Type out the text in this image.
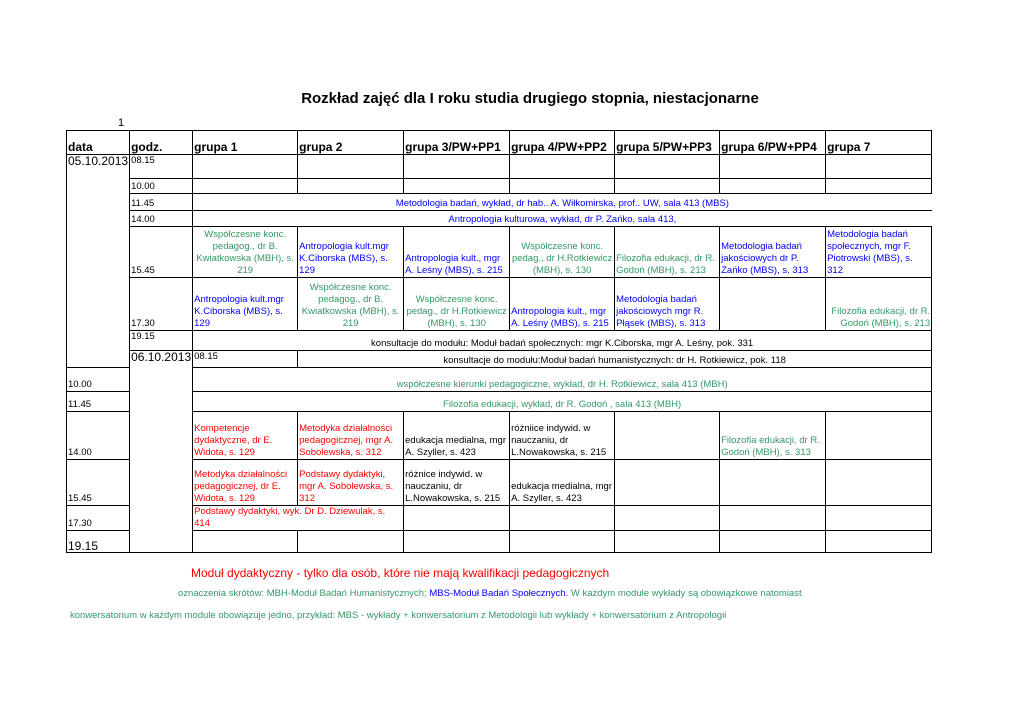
Rozkład zajęć dla I roku studia drugiego stopnia, niestacjonarne
1
data	godz.	grupa 1	grupa 2	grupa 3/PW+PP1	grupa 4/PW+PP2	grupa 5/PW+PP3	grupa 6/PW+PP4	grupa 7
05.10.2013	08.15							
	10.00							
	11.45	Metodologia badań, wykład, dr hab.. A. Wiłkomirska, prof.. UW, sala 413 (MBS)						
	14.00	Antropologia kulturowa, wykład, dr P. Zańko, sala 413,						
	15.45	Współczesne konc. pedagog., dr B. Kwiatkowska (MBH), s. 219	Antropologia kult.mgr K.Ciborska (MBS), s. 129	Antropologia kult., mgr A. Leśny (MBS), s. 215	Współczesne konc. pedag., dr H.Rotkiewicz (MBH), s. 130	Filozofia edukacji, dr R. Godoń (MBH), s. 213	Metodologia badań jakościowych dr P. Zańko (MBS), s. 313	Metodologia badań społecznych, mgr F. Piotrowski (MBS), s. 312
	17.30	Antropologia kult.mgr K.Ciborska (MBS), s. 129	Współczesne konc. pedagog., dr B. Kwiatkowska (MBH), s. 219	Współczesne konc. pedag., dr H.Rotkiewicz (MBH), s. 130	Antropologia kult., mgr A. Leśny (MBS), s. 215	Metodologia badań jakościowych mgr R. Płąsek (MBS), s. 313		Filozofia edukacji, dr R. Godoń (MBH), s. 213
	19.15	konsultacje do modułu: Moduł badań społecznych: mgr K.Ciborska, mgr A. Leśny, pok. 331						
	06.10.2013	08.15	konsultacje do modułu:Moduł badań humanistycznych: dr H. Rotkiewicz, pok. 118					
10.00		współczesne kierunki pedagogiczne, wykład, dr H. Rotkiewicz, sala 413 (MBH)						
11.45		Filozofia edukacji, wykład, dr R. Godoń , sala 413 (MBH)						
14.00		Kompetencje dydaktyczne, dr E. Widota, s. 129	Metodyka działalności pedagogicznej, mgr A. Sobolewska, s. 312	edukacja medialna, mgr A. Szyller, s. 423	różniice indywid. w nauczaniu, dr L.Nowakowska, s. 215		Filozofia edukacji, dr R. Godoń (MBH), s. 313	
15.45		Metodyka działalności pedagogicznej, dr E. Widota, s. 129	Podstawy dydaktyki, mgr A. Sobolewska, s. 312	różnice indywid. w nauczaniu, dr L.Nowakowska, s. 215	edukacja medialna, mgr A. Szyller, s. 423			
17.30		Podstawy dydaktyki, wyk. Dr D. Dziewulak, s. 414						
19.15								
Moduł dydaktyczny - tylko dla osób, które nie mają kwalifikacji pedagogicznych
oznaczenia skrótów: MBH-Moduł Badań Humanistycznych; MBS-Moduł Badań Społecznych. W każdym module wykłady są obowiązkowe natomiast
konwersatorium w każdym module obowiązuje jedno, przykład: MBS - wykłady + konwersatorium z Metodologii lub wykłady + konwersatorium z Antropologii
